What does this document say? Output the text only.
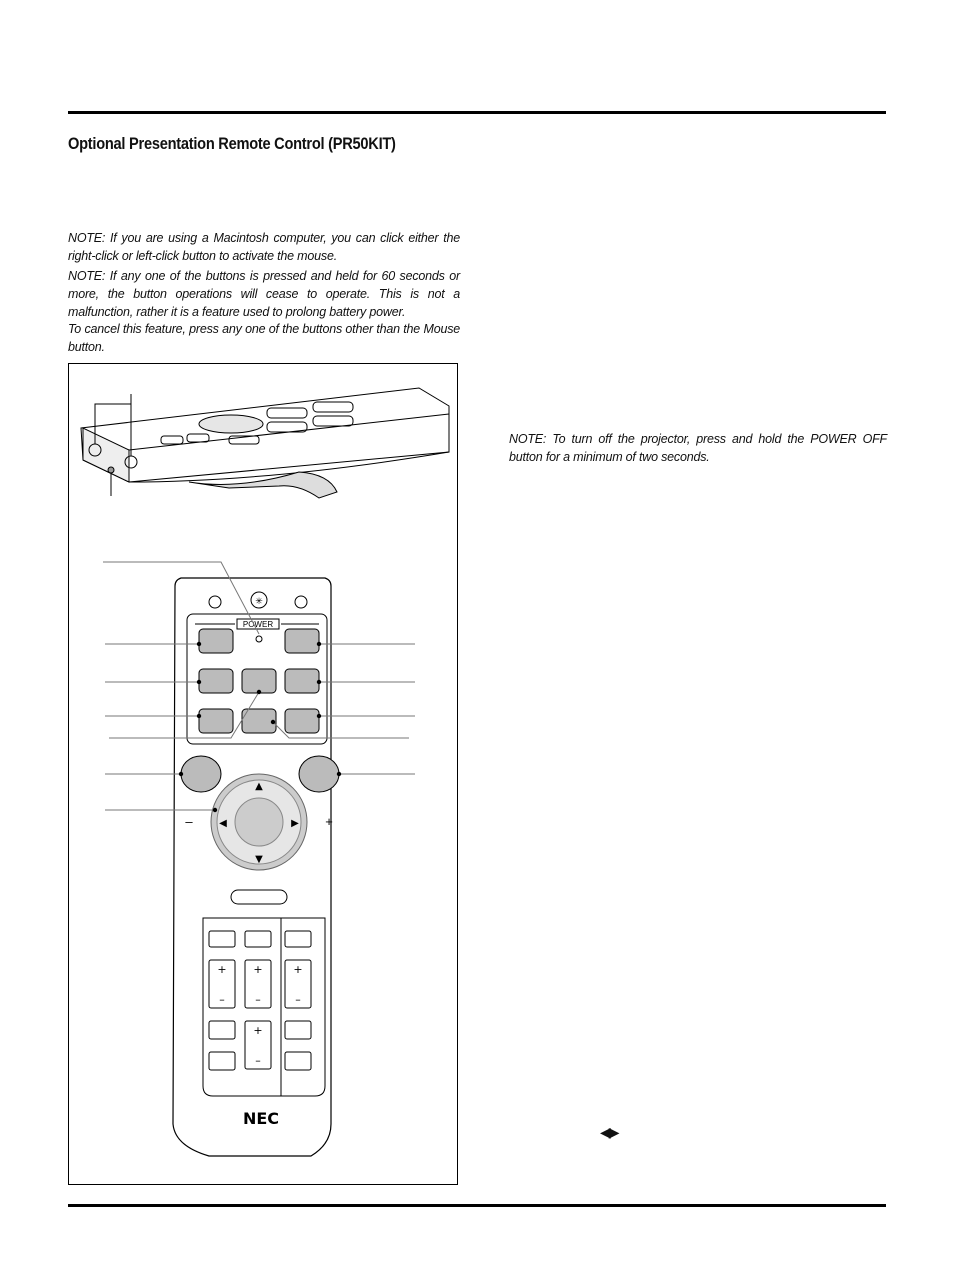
Optional Presentation Remote Control (PR50KIT)

NOTE: If you are using a Macintosh computer, you can click either the right-click or left-click button to activate the mouse.

NOTE: If any one of the buttons is pressed and held for 60 seconds or more, the button operations will cease to operate. This is not a malfunction, rather it is a feature used to prolong battery power.

To cancel this feature, press any one of the buttons other than the Mouse button.

NOTE: To turn off the projector, press and hold the POWER OFF button for a minimum of two seconds.

✳
POWER
▲
▼
◀	▶
–	+
+
–
+
–
+
–
+
–
NEC
◀▶
